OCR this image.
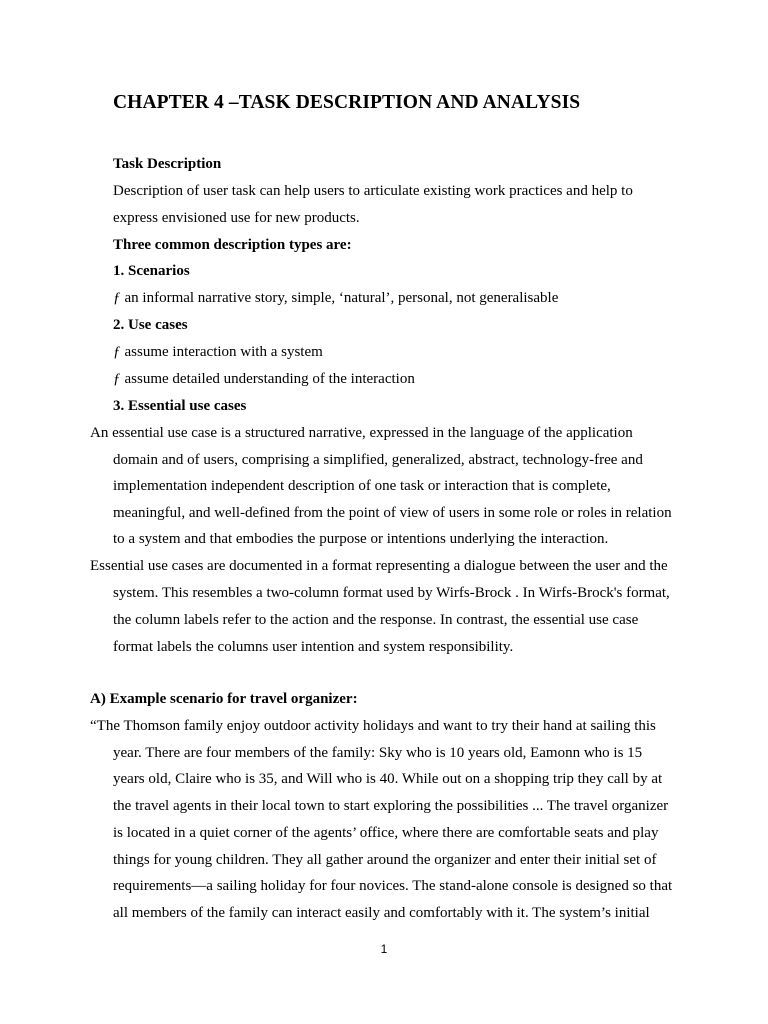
CHAPTER 4 –TASK DESCRIPTION AND ANALYSIS

Task Description

Description of user task can help users to articulate existing work practices and help to

express envisioned use for new products.

Three common description types are:

1. Scenarios

ƒ an informal narrative story, simple, ‘natural’, personal, not generalisable

2. Use cases

ƒ assume interaction with a system

ƒ assume detailed understanding of the interaction

3. Essential use cases

An essential use case is a structured narrative, expressed in the language of the application

domain and of users, comprising a simplified, generalized, abstract, technology-free and

implementation independent description of one task or interaction that is complete,

meaningful, and well-defined from the point of view of users in some role or roles in relation

to a system and that embodies the purpose or intentions underlying the interaction.

Essential use cases are documented in a format representing a dialogue between the user and the

system. This resembles a two-column format used by Wirfs-Brock . In Wirfs-Brock's format,

the column labels refer to the action and the response. In contrast, the essential use case

format labels the columns user intention and system responsibility.

A) Example scenario for travel organizer:

“The Thomson family enjoy outdoor activity holidays and want to try their hand at sailing this

year. There are four members of the family: Sky who is 10 years old, Eamonn who is 15

years old, Claire who is 35, and Will who is 40. While out on a shopping trip they call by at

the travel agents in their local town to start exploring the possibilities ... The travel organizer

is located in a quiet corner of the agents’ office, where there are comfortable seats and play

things for young children. They all gather around the organizer and enter their initial set of

requirements—a sailing holiday for four novices. The stand-alone console is designed so that

all members of the family can interact easily and comfortably with it. The system’s initial

1
